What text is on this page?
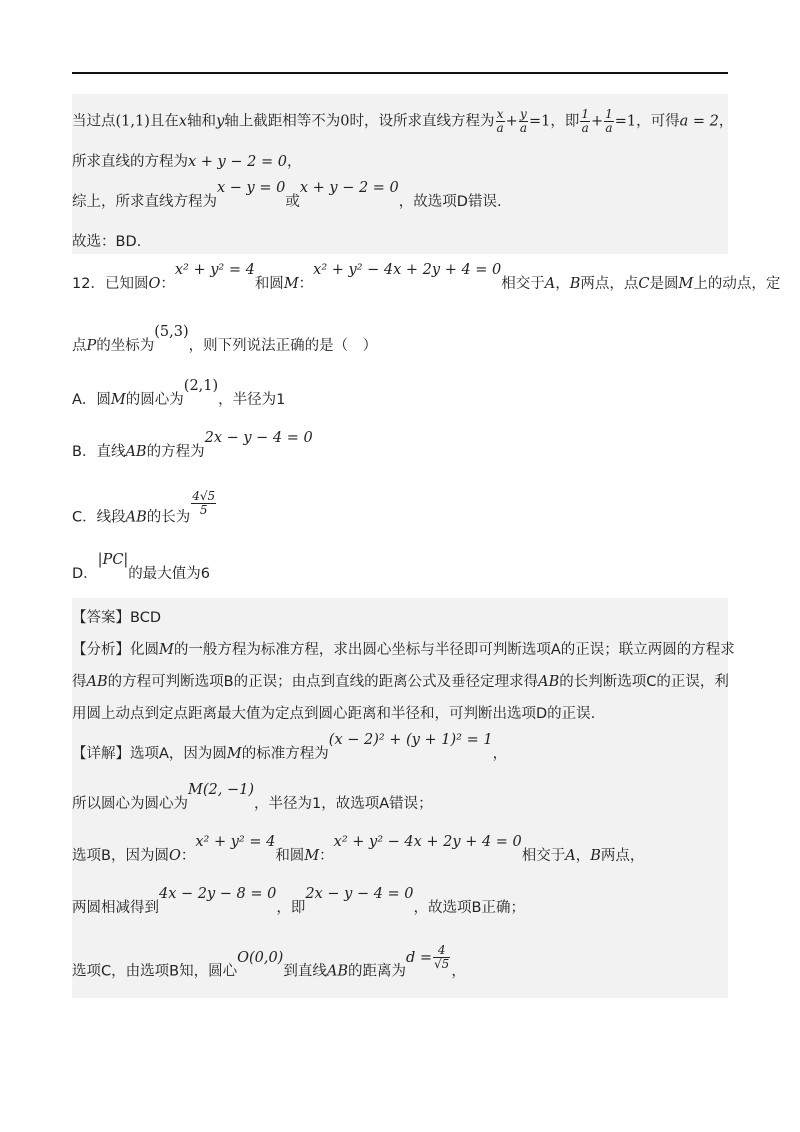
当过点(1,1)且在x轴和y轴上截距相等不为0时，设所求直线方程为 $\frac{x}{a} + \frac{y}{a} =1$，即 $\frac{1}{a} + \frac{1}{a} =1$，可得a = 2，
所求直线的方程为x + y − 2 = 0，
综上，所求直线方程为x − y = 0或x + y − 2 = 0，故选项D错误.
故选：BD.
12．已知圆O：x² + y² = 4和圆M：x² + y² − 4x + 2y + 4 = 0相交于A，B两点，点C是圆M上的动点，定
点P的坐标为(5,3)，则下列说法正确的是（　）
A．圆M的圆心为(2,1)，半径为1
B．直线AB的方程为2x − y − 4 = 0
C．线段AB的长为
$\frac{4√5}{5}$
D．|PC|的最大值为6
【答案】BCD
【分析】化圆M的一般方程为标准方程，求出圆心坐标与半径即可判断选项A的正误；联立两圆的方程求
得AB的方程可判断选项B的正误；由点到直线的距离公式及垂径定理求得AB的长判断选项C的正误，利
用圆上动点到定点距离最大值为定点到圆心距离和半径和，可判断出选项D的正误.
【详解】选项A，因为圆M的标准方程为(x − 2)² + (y + 1)² = 1，
所以圆心为圆心为M(2, −1)，半径为1，故选项A错误；
选项B，因为圆O：x² + y² = 4和圆M：x² + y² − 4x + 2y + 4 = 0相交于A，B两点，
两圆相减得到4x − 2y − 8 = 0，即2x − y − 4 = 0，故选项B正确；
选项C，由选项B知，圆心O(0,0)到直线AB的距离为$d = \frac{4}{√5}$
，
